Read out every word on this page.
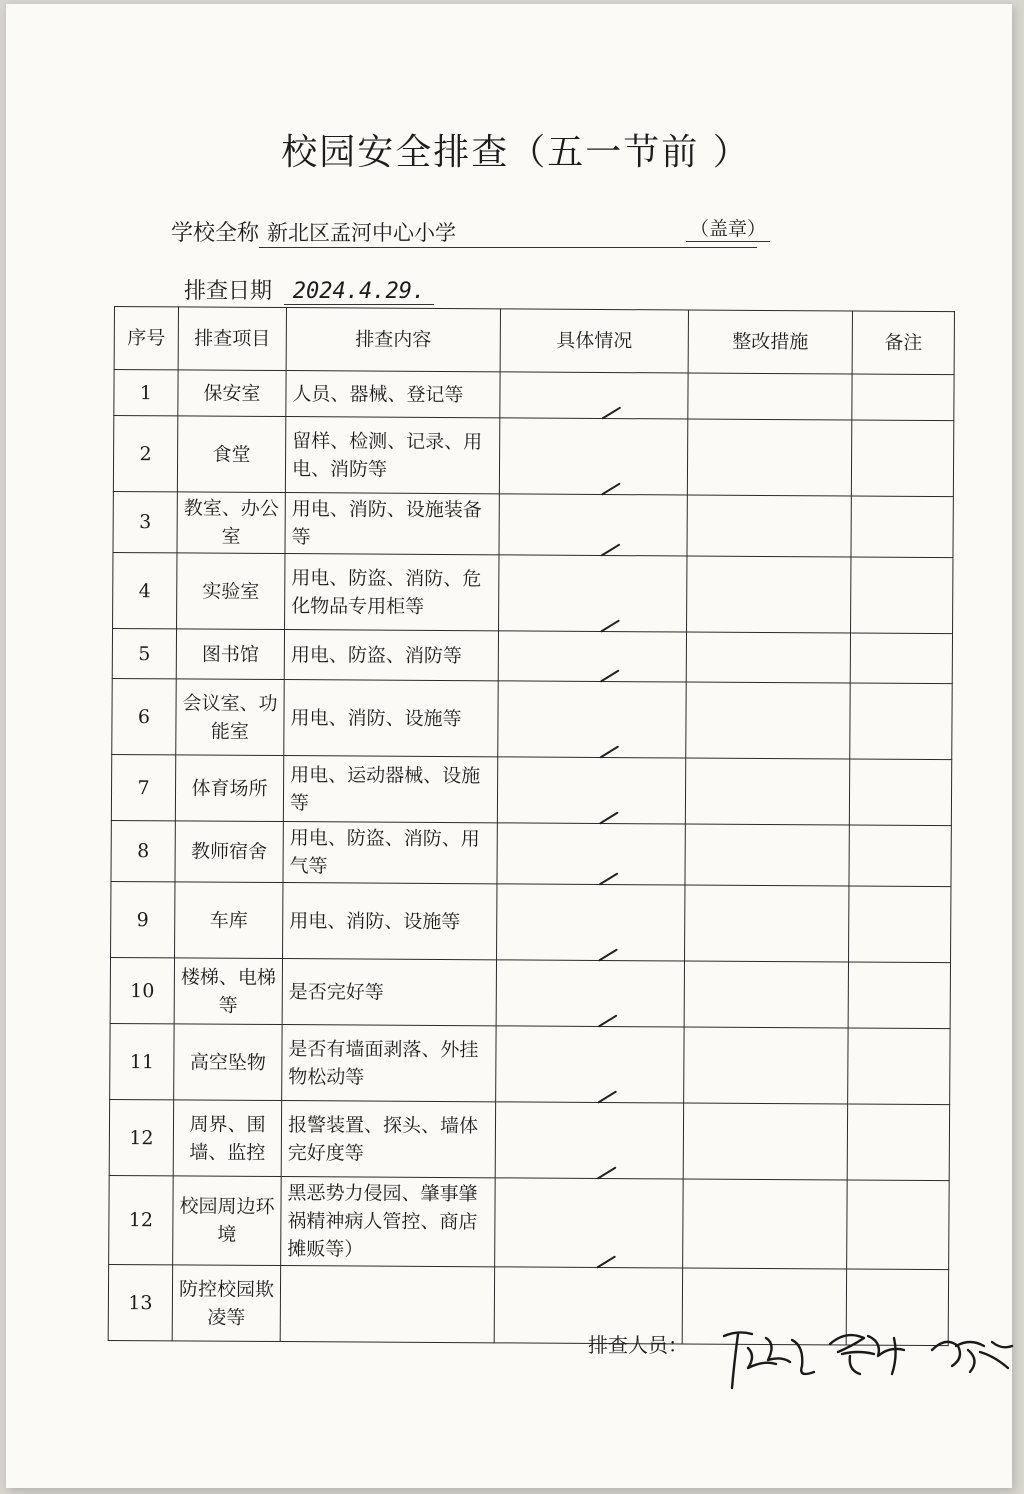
校园安全排查（五一节前 ）
学校全称 新北区孟河中心小学	（盖章）
排查日期 2024.4.29.
序号	排查项目	排查内容	具体情况	整改措施	备注
1	保安室	人员、器械、登记等	

2	食堂	留样、检测、记录、用电、消防等	

3	教室、办公室	用电、消防、设施装备等	

4	实验室	用电、防盗、消防、危化物品专用柜等	

5	图书馆	用电、防盗、消防等	

6	会议室、功能室	用电、消防、设施等	

7	体育场所	用电、运动器械、设施等	

8	教师宿舍	用电、防盗、消防、用气等	

9	车库	用电、消防、设施等	

10	楼梯、电梯等	是否完好等	

11	高空坠物	是否有墙面剥落、外挂物松动等	

12	周界、围墙、监控	报警装置、探头、墙体完好度等	

12	校园周边环境	黑恶势力侵园、肇事肇祸精神病人管控、商店摊贩等）	

13	防控校园欺凌等				
排查人员：
